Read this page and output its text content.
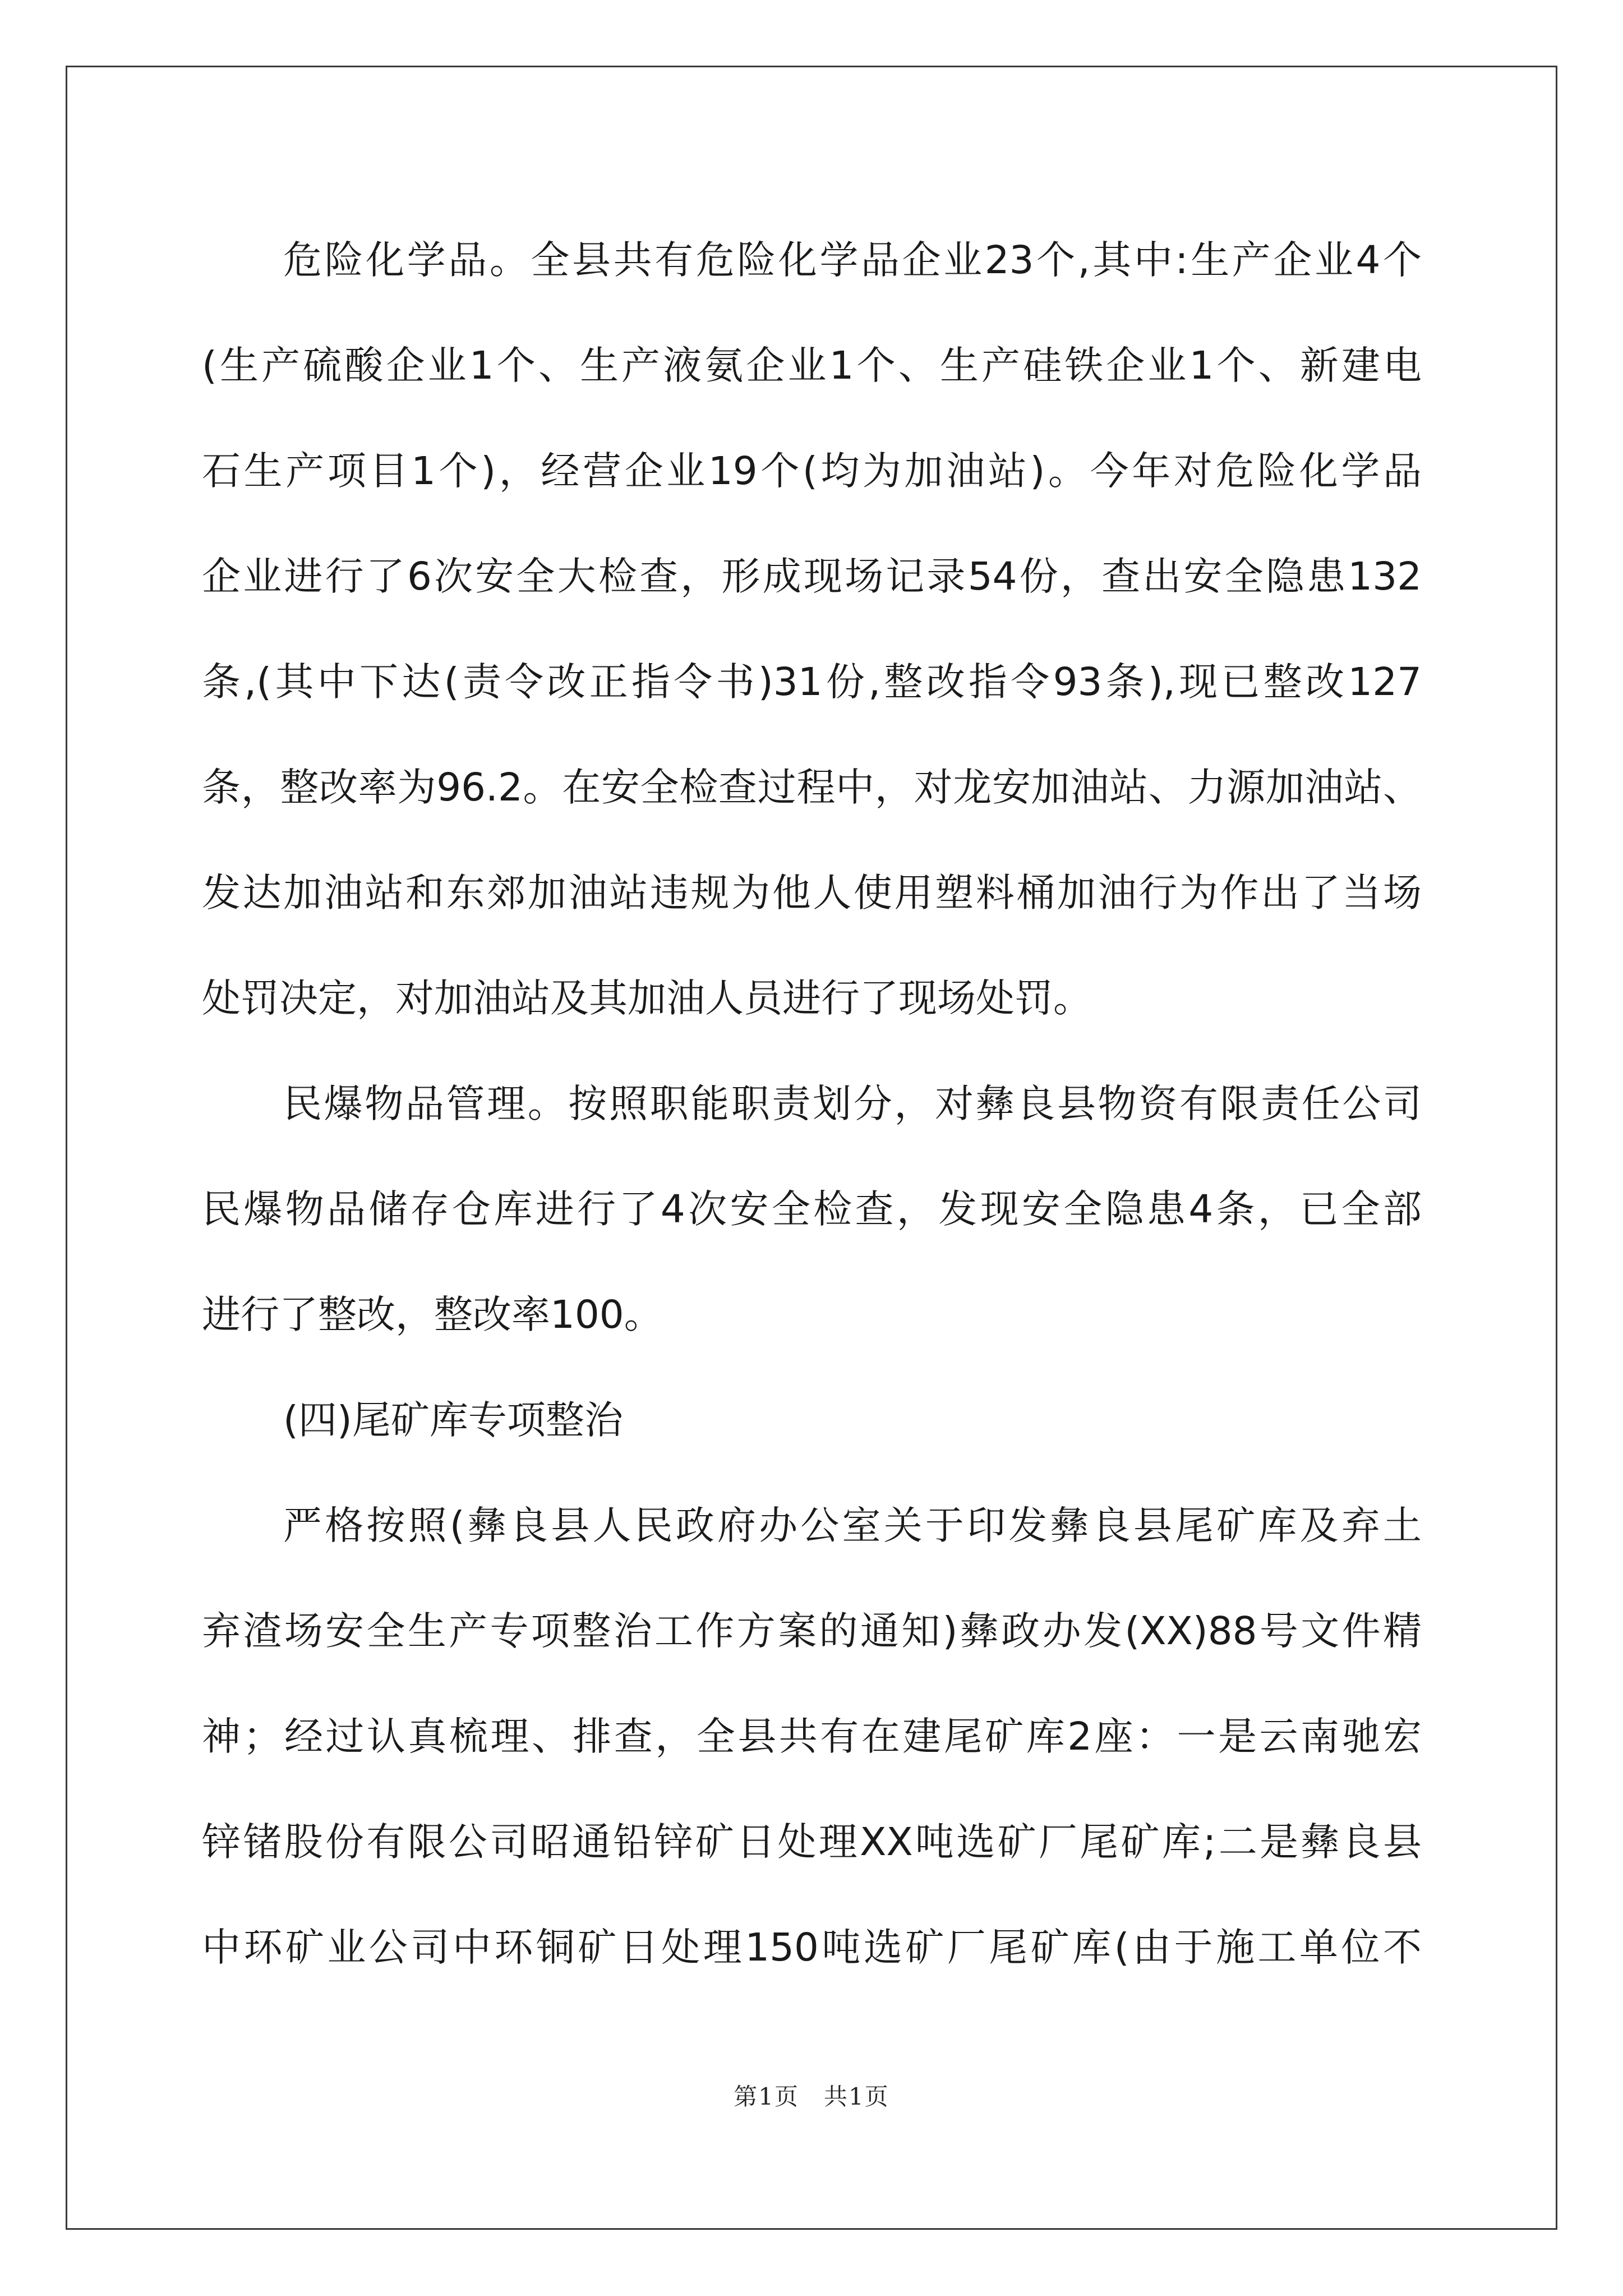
危险化学品。全县共有危险化学品企业23个,其中:生产企业4个
(生产硫酸企业1个、生产液氨企业1个、生产硅铁企业1个、新建电
石生产项目1个)，经营企业19个(均为加油站)。今年对危险化学品
企业进行了6次安全大检查，形成现场记录54份，查出安全隐患132
条,(其中下达(责令改正指令书)31份,整改指令93条),现已整改127
条，整改率为96.2。在安全检查过程中，对龙安加油站、力源加油站、
发达加油站和东郊加油站违规为他人使用塑料桶加油行为作出了当场
处罚决定，对加油站及其加油人员进行了现场处罚。
民爆物品管理。按照职能职责划分，对彝良县物资有限责任公司
民爆物品储存仓库进行了4次安全检查，发现安全隐患4条，已全部
进行了整改，整改率100。
(四)尾矿库专项整治
严格按照(彝良县人民政府办公室关于印发彝良县尾矿库及弃土
弃渣场安全生产专项整治工作方案的通知)彝政办发(XX)88号文件精
神；经过认真梳理、排查，全县共有在建尾矿库2座：一是云南驰宏
锌锗股份有限公司昭通铅锌矿日处理XX吨选矿厂尾矿库;二是彝良县
中环矿业公司中环铜矿日处理150吨选矿厂尾矿库(由于施工单位不
第1页　共1页
